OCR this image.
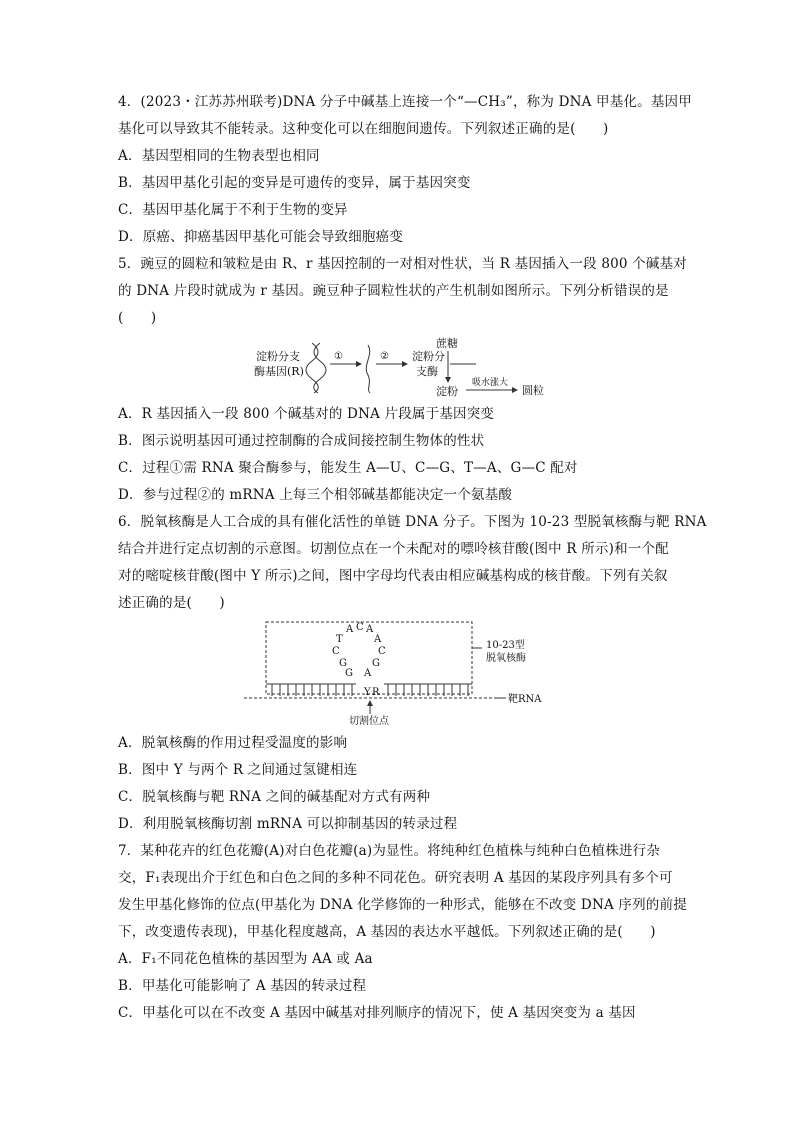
4．(2023・江苏苏州联考)DNA 分子中碱基上连接一个“—CH₃”，称为 DNA 甲基化。基因甲
基化可以导致其不能转录。这种变化可以在细胞间遗传。下列叙述正确的是(　　)
A．基因型相同的生物表型也相同
B．基因甲基化引起的变异是可遗传的变异，属于基因突变
C．基因甲基化属于不利于生物的变异
D．原癌、抑癌基因甲基化可能会导致细胞癌变
5．豌豆的圆粒和皱粒是由 R、r 基因控制的一对相对性状，当 R 基因插入一段 800 个碱基对
的 DNA 片段时就成为 r 基因。豌豆种子圆粒性状的产生机制如图所示。下列分析错误的是
(　　)
淀粉分支
酶基因(R)
①	② 淀粉分
支酶
蔗糖
淀粉
吸水涨大
圆粒
A．R 基因插入一段 800 个碱基对的 DNA 片段属于基因突变
B．图示说明基因可通过控制酶的合成间接控制生物体的性状
C．过程①需 RNA 聚合酶参与，能发生 A—U、C—G、T—A、G—C 配对
D．参与过程②的 mRNA 上每三个相邻碱基都能决定一个氨基酸
6．脱氧核酶是人工合成的具有催化活性的单链 DNA 分子。下图为 10-23 型脱氧核酶与靶 RNA
结合并进行定点切割的示意图。切割位点在一个未配对的嘌呤核苷酸(图中 R 所示)和一个配
对的嘧啶核苷酸(图中 Y 所示)之间，图中字母均代表由相应碱基构成的核苷酸。下列有关叙
述正确的是(　　)
G
G
C
T
A C A
A
C
G
A
Y R
10-23型
脱氧核酶
靶RNA
切割位点
A．脱氧核酶的作用过程受温度的影响
B．图中 Y 与两个 R 之间通过氢键相连
C．脱氧核酶与靶 RNA 之间的碱基配对方式有两种
D．利用脱氧核酶切割 mRNA 可以抑制基因的转录过程
7．某种花卉的红色花瓣(A)对白色花瓣(a)为显性。将纯种红色植株与纯种白色植株进行杂
交，F₁表现出介于红色和白色之间的多种不同花色。研究表明 A 基因的某段序列具有多个可
发生甲基化修饰的位点(甲基化为 DNA 化学修饰的一种形式，能够在不改变 DNA 序列的前提
下，改变遗传表现)，甲基化程度越高，A 基因的表达水平越低。下列叙述正确的是(　　)
A．F₁不同花色植株的基因型为 AA 或 Aa
B．甲基化可能影响了 A 基因的转录过程
C．甲基化可以在不改变 A 基因中碱基对排列顺序的情况下，使 A 基因突变为 a 基因
